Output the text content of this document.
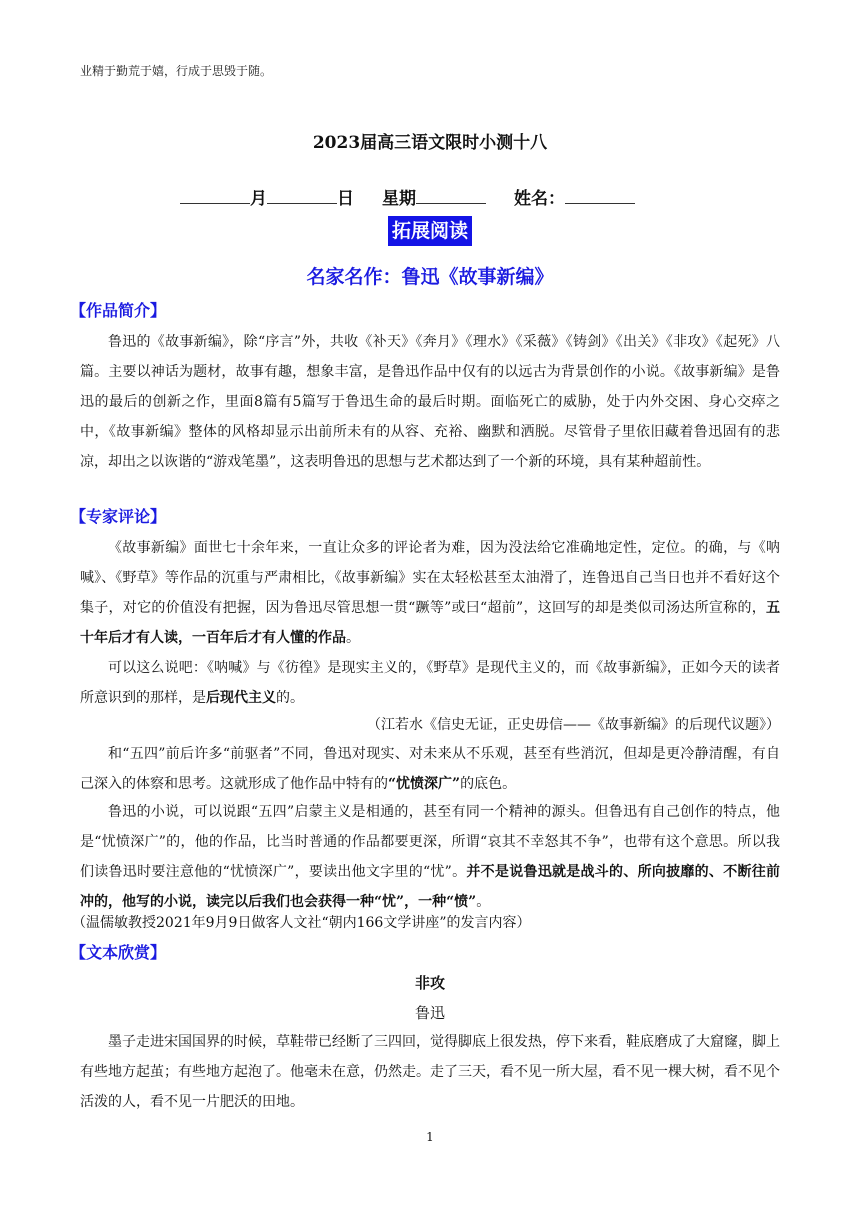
业精于勤荒于嬉，行成于思毁于随。
2023届高三语文限时小测十八
月	日 星期	姓名：
拓展阅读
名家名作：鲁迅《故事新编》
【作品简介】
鲁迅的《故事新编》，除“序言”外，共收《补天》《奔月》《理水》《采薇》《铸剑》《出关》《非攻》《起死》八篇。主要以神话为题材，故事有趣，想象丰富，是鲁迅作品中仅有的以远古为背景创作的小说。《故事新编》是鲁迅的最后的创新之作，里面8篇有5篇写于鲁迅生命的最后时期。面临死亡的威胁，处于内外交困、身心交瘁之中，《故事新编》整体的风格却显示出前所未有的从容、充裕、幽默和洒脱。尽管骨子里依旧藏着鲁迅固有的悲凉，却出之以诙谐的“游戏笔墨”，这表明鲁迅的思想与艺术都达到了一个新的环境，具有某种超前性。
【专家评论】
《故事新编》面世七十余年来，一直让众多的评论者为难，因为没法给它准确地定性，定位。的确，与《呐喊》、《野草》等作品的沉重与严肃相比，《故事新编》实在太轻松甚至太油滑了，连鲁迅自己当日也并不看好这个集子，对它的价值没有把握，因为鲁迅尽管思想一贯“蹶等”或曰“超前”，这回写的却是类似司汤达所宣称的，五十年后才有人读，一百年后才有人懂的作品。
可以这么说吧：《呐喊》与《彷徨》是现实主义的，《野草》是现代主义的，而《故事新编》，正如今天的读者所意识到的那样，是后现代主义的。
（江若水《信史无证，正史毋信——《故事新编》的后现代议题》）
和“五四”前后许多“前驱者”不同，鲁迅对现实、对未来从不乐观，甚至有些消沉，但却是更冷静清醒，有自己深入的体察和思考。这就形成了他作品中特有的“忧愤深广”的底色。
鲁迅的小说，可以说跟“五四”启蒙主义是相通的，甚至有同一个精神的源头。但鲁迅有自己创作的特点，他是“忧愤深广”的，他的作品，比当时普通的作品都要更深，所谓“哀其不幸怒其不争”，也带有这个意思。所以我们读鲁迅时要注意他的“忧愤深广”，要读出他文字里的“忧”。并不是说鲁迅就是战斗的、所向披靡的、不断往前冲的，他写的小说，读完以后我们也会获得一种“忧”，一种“愤”。
（温儒敏教授2021年9月9日做客人文社“朝内166文学讲座”的发言内容）
【文本欣赏】
非攻
鲁迅
墨子走进宋国国界的时候，草鞋带已经断了三四回，觉得脚底上很发热，停下来看，鞋底磨成了大窟窿，脚上有些地方起茧；有些地方起泡了。他毫未在意，仍然走。走了三天，看不见一所大屋，看不见一棵大树，看不见个活泼的人，看不见一片肥沃的田地。
1
